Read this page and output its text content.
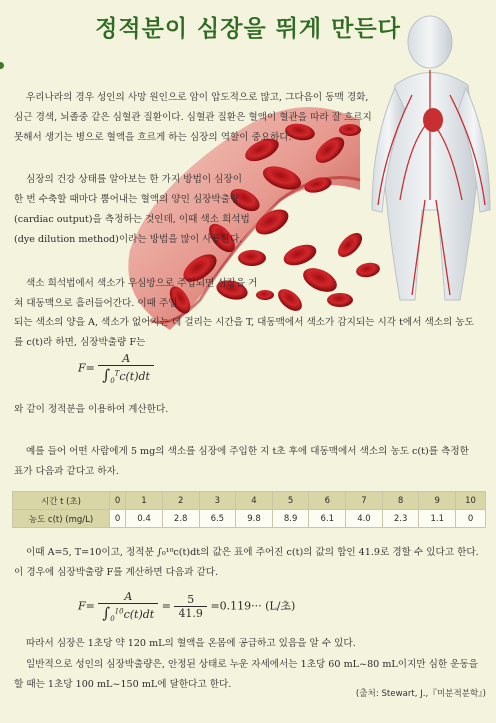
정적분이 심장을 뛰게 만든다

우리나라의 경우 성인의 사망 원인으로 암이 압도적으로 많고, 그다음이 동맥 경화, 심근 경색, 뇌졸중 같은 심혈관 질환이다. 심혈관 질환은 혈액이 혈관을 따라 잘 흐르지 못해서 생기는 병으로 혈액을 흐르게 하는 심장의 역할이 중요하다.

심장의 건강 상태를 알아보는 한 가지 방법이 심장이 한 번 수축할 때마다 뿜어내는 혈액의 양인 심장박출량(cardiac output)을 측정하는 것인데, 이때 색소 희석법(dye dilution method)이라는 방법을 많이 사용한다.

색소 희석법에서 색소가 우심방으로 주입되면 심장을 거쳐 대동맥으로 흘러들어간다. 이때 주입

되는 색소의 양을 A, 색소가 없어지는 데 걸리는 시간을 T, 대동맥에서 색소가 감지되는 시각 t에서 색소의 농도를 c(t)라 하면, 심장박출량 F는

$F= \frac{A}{\int_0^Tc(t)dt}$

와 같이 정적분을 이용하여 계산한다.

예를 들어 어떤 사람에게 5 mg의 색소를 심장에 주입한 지 t초 후에 대동맥에서 색소의 농도 c(t)를 측정한 표가 다음과 같다고 하자.

시간 t (초)	0	1	2	3	4	5	6	7	8	9	10
농도 c(t) (mg/L)	0	0.4	2.8	6.5	9.8	8.9	6.1	4.0	2.3	1.1	0

이때 A=5, T=10이고, 정적분 ∫₀¹⁰c(t)dt의 값은 표에 주어진 c(t)의 값의 합인 41.9로 경할 수 있다고 한다. 이 경우에 심장박출량 F를 계산하면 다음과 같다.

$F= \frac{A}{\int_0^{10}c(t)dt} = \frac{5}{41.9} =0.119\cdot\cdot\cdot (L/$초)

따라서 심장은 1초당 약 120 mL의 혈액을 온몸에 공급하고 있음을 알 수 있다.

일반적으로 성인의 심장박출량은, 안정된 상태로 누운 자세에서는 1초당 60 mL~80 mL이지만 심한 운동을 할 때는 1초당 100 mL~150 mL에 달한다고 한다.

(출처: Stewart, J.,『미분적분학』)
